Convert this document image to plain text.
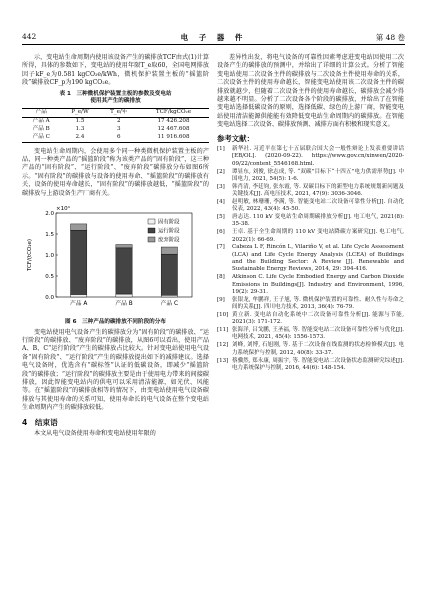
442	电 子 器 件	第 48 卷

示，变电站生命周期内使用该设备产生的碳排放TCF由式(1)计算所得，具体的参数如下，变电站的使用年限T_e取60，全国电网排放因子kF_e为0.581 kgCO₂e/kWh，微机保护装置主板的“摇篮阶段”碳排放CF_p为190 kgCO₂e。

表 1　三种微机保护装置主板的参数及变电站
使用其产生的碳排放
产品	P_e/W	T_e/年	TCF/kgCO₂e
产品 A	1.5	2	17 426.208
产品 B	1.3	3	12 467.608
产品 C	2.4	6	11 916.608

变电站生命周期内，会使用多个同一种类微机保护装置主板的产品，同一种类产品的“摇篮阶段”称为该类产品的“固有阶段”，这三种产品的“固有阶段”、“运行阶段”、“废弃阶段”碳排放分布如图6所示。“固有阶段”的碳排放与设备的使用寿命、“摇篮阶段”的碳排放有关，设备的使用寿命越长，“固有阶段”的碳排放越低，“摇篮阶段”的碳排放与上游设备生产厂商有关。

0.0
0.5
1.0
1.5
2.0
×10⁴
TCF/(tCO₂e)
产品 A	产品 B	产品 C
固有阶段
运行阶段
废弃阶段
图 6　三种产品的碳排放不同阶段的分布

变电站使用电气设备产生的碳排放分为“固有阶段”的碳排放、“运行阶段”的碳排放、“废弃阶段”的碳排放，从图6可以看出，使用产品A、B、C“运行阶段”产生的碳排放占比较大。针对变电站使用电气设备“固有阶段”、“运行阶段”产生的碳排放提出如下的减排建议。选择电气设备时，优选含有“碳标签”认证的低碳设备，即减少“摇篮阶段”的碳排放；“运行阶段”的碳排放主要是由于使用电力带来的间接碳排放，因此智能变电站内的供电可以采用清洁能源，如光伏、风能等。在“摇篮阶段”的碳排放相等的情况下，由变电站使用电气设备碳排放与其使用寿命的关系可知，使用寿命长的电气设备在整个变电站生命周期内产生的碳排放较低。

4　结束语

本文从电气设备使用寿命和变电站使用年限的

差异性出发，将电气设备的可靠性因素考虑进变电站因使用二次设备产生的碳排放的预测中，并给出了详细的计算公式。分析了智能变电站使用二次设备主件的碳排放与二次设备主件使用寿命的关系，二次设备主件的使用寿命越长，智能变电站使用该二次设备主件的碳排放就越少，但随着二次设备主件的使用寿命越长，碳排放会减少得越来越不明显。分析了二次设备各个阶段的碳排放，并给出了在智能变电站选择低碳设备的原则，选择低碳、绿色的上游厂商，智能变电站使用清洁能源供能能有效降低变电站生命周期内的碳排放。在智能变电站选择二次设备、碳排放预测、减排方面有积极和现实意义。

参考文献：
[1]	新华社. 习近平在第七十五届联合国大会一般性辩论上发表重要讲话[EB/OL]. (2020-09-22). https://www.gov.cn/xinwen/2020-09/22/content_5546168.html.
[2]	谭显东, 刘俊, 徐志成, 等. “双碳”目标下“十四五”电力供需形势[J]. 中国电力, 2021, 54(5): 1-6.
[3]	韩肖清, 李廷钧, 张东霞, 等. 双碳目标下的新型电力系统规划新问题及关键技术[J]. 高电压技术, 2021, 47(9): 3036-3046.
[4]	赵明敏, 林珊珊, 李满, 等. 智能变电站二次设备可靠性分析[J]. 自动化仪表, 2022, 43(4): 45-50.
[5]	唐志达. 110 kV 变电站生命周期碳排放分析[J]. 电工电气, 2021(8): 35-38.
[6]	王卓. 基于全生命周期的 110 kV 变电站降碳方案研究[J]. 电工电气, 2022(1): 66-69.
[7]	Cabeza L F, Rincón L, Vilariño V, et al. Life Cycle Assessment (LCA) and Life Cycle Energy Analysis (LCEA) of Buildings and the Building Sector: A Review [J]. Renewable and Sustainable Energy Reviews, 2014, 29: 394-416.
[8]	Atkinson C. Life Cycle Embodied Energy and Carbon Dioxide Emissions in Buildings[J]. Industry and Environment, 1996, 19(2): 29-31.
[9]	张银龙, 牟鹏祥, 王子旭, 等. 微机保护装置的可靠性、耐久性与寿命之间的关系[J]. 四川电力技术, 2013, 36(4): 76-79.
[10] 黄立新. 变电站自动化系统中二次设备可靠性分析[J]. 能源与节能, 2021(3): 171-172.
[11] 张海洋, 吕戈鹏, 王圣福, 等. 智能变电站二次设备可靠性分析与优化[J]. 电网技术, 2021, 45(4): 1556-1573.
[12] 刘峰, 刘博, 石旭刚, 等. 基于二次设备在线监测的状态检修模式[J]. 电力系统保护与控制, 2012, 40(8): 33-37.
[13] 蔡骥然, 郑永康, 周振宇, 等. 智能变电站二次设备状态监测研究综述[J]. 电力系统保护与控制, 2016, 44(6): 148-154.
